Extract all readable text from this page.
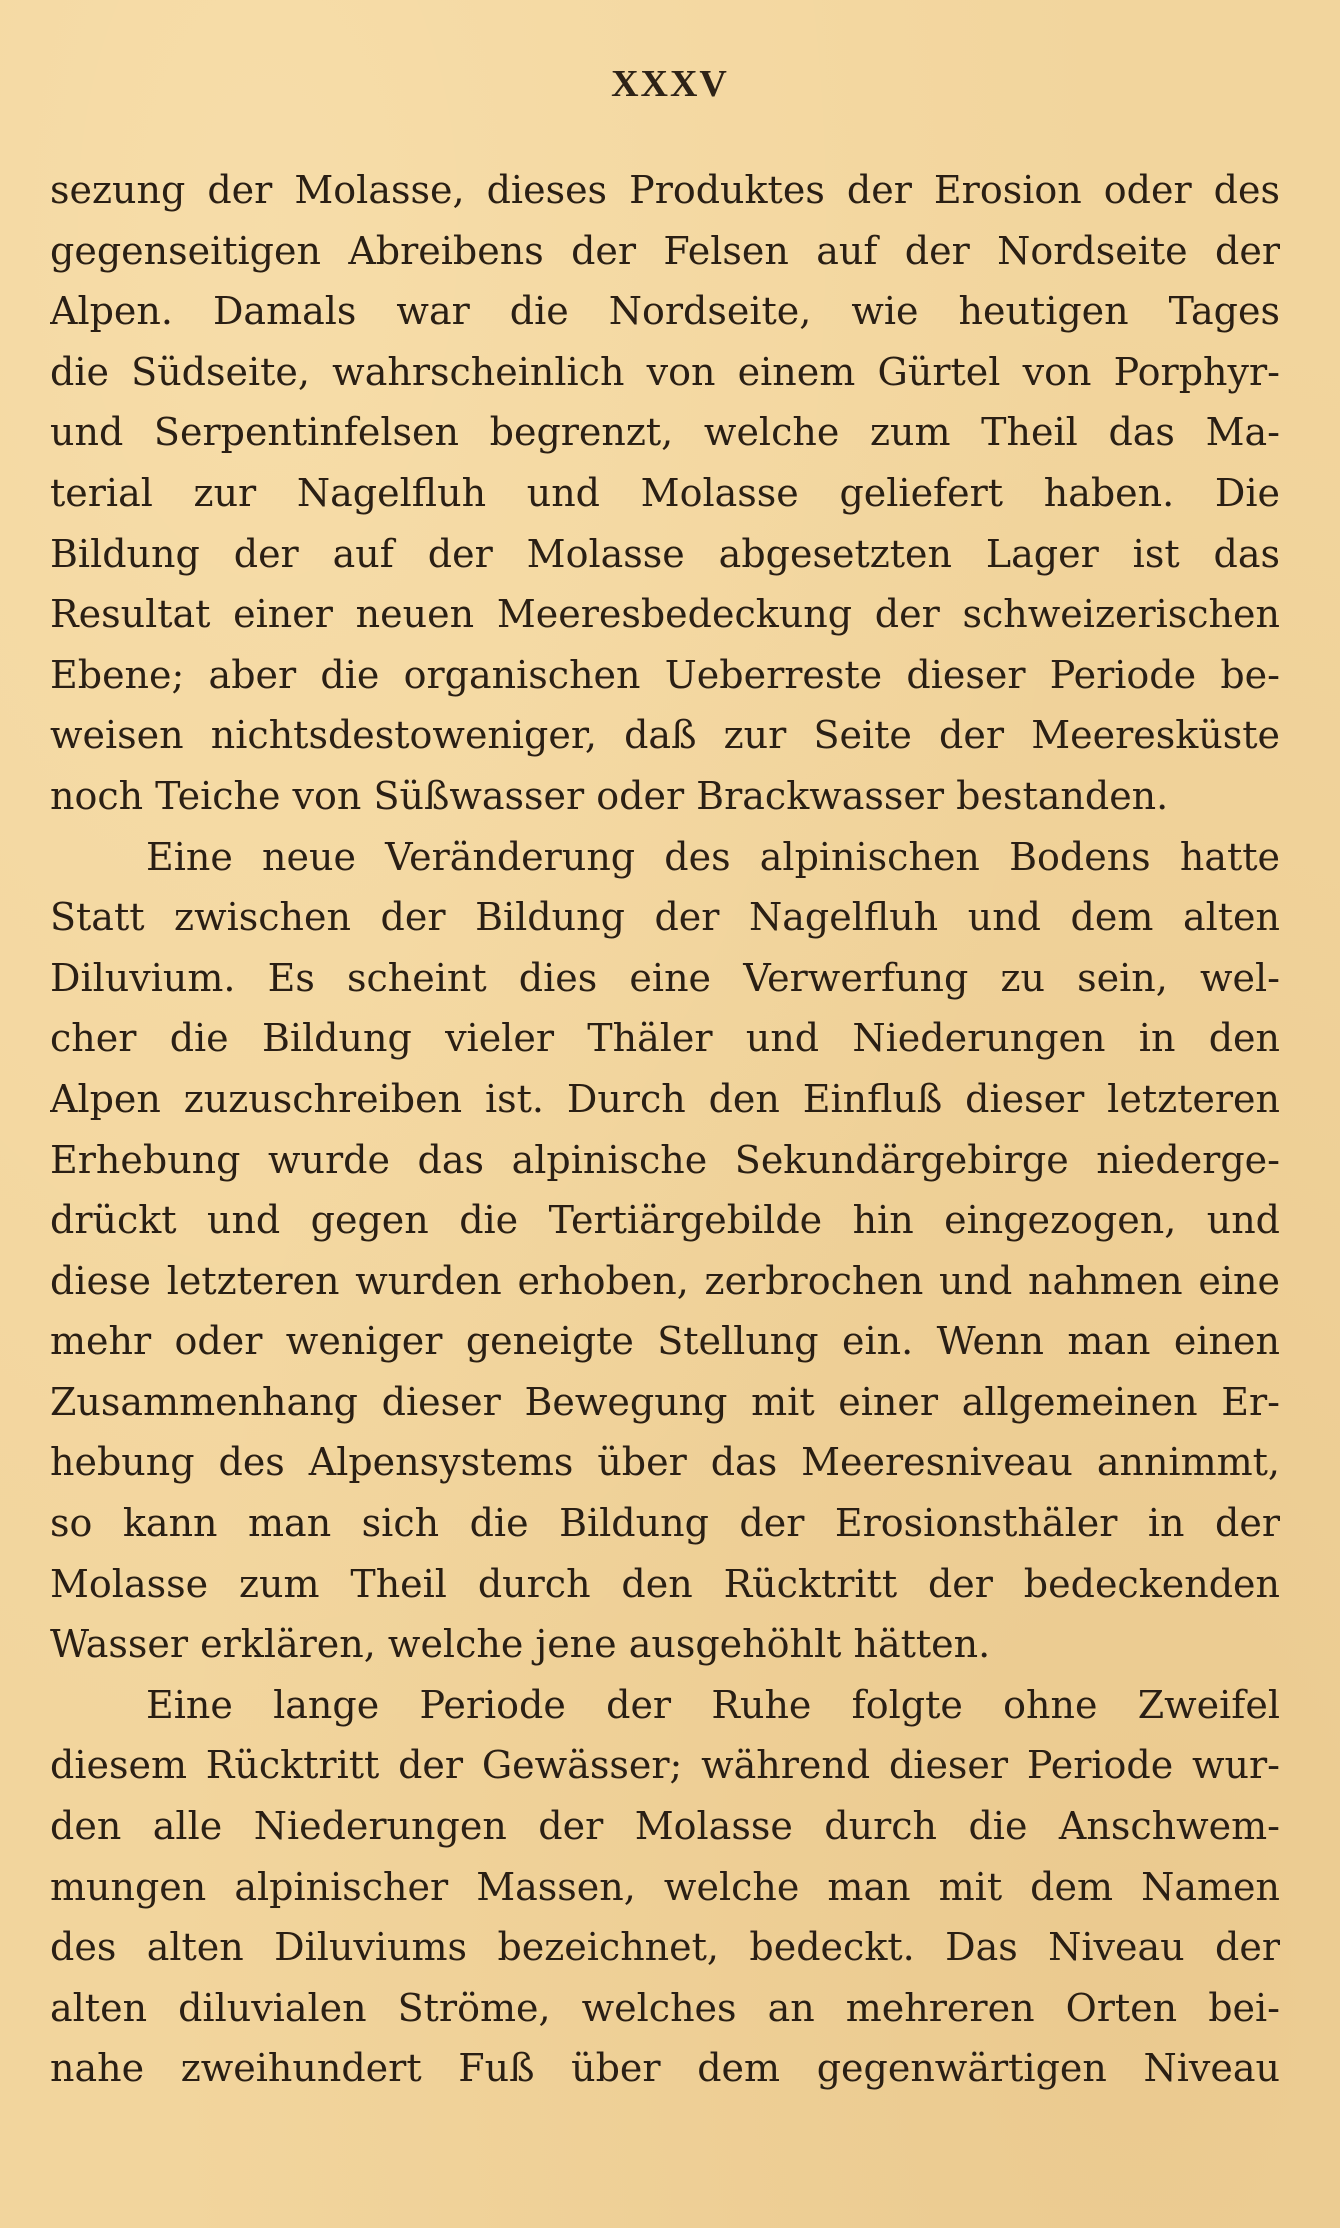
XXXV
sezung der Molasse, dieses Produktes der Erosion oder des
gegenseitigen Abreibens der Felsen auf der Nordseite der
Alpen. Damals war die Nordseite, wie heutigen Tages
die Südseite, wahrscheinlich von einem Gürtel von Porphyr-
und Serpentinfelsen begrenzt, welche zum Theil das Ma-
terial zur Nagelfluh und Molasse geliefert haben. Die
Bildung der auf der Molasse abgesetzten Lager ist das
Resultat einer neuen Meeresbedeckung der schweizerischen
Ebene; aber die organischen Ueberreste dieser Periode be-
weisen nichtsdestoweniger, daß zur Seite der Meeresküste
noch Teiche von Süßwasser oder Brackwasser bestanden.
Eine neue Veränderung des alpinischen Bodens hatte
Statt zwischen der Bildung der Nagelfluh und dem alten
Diluvium. Es scheint dies eine Verwerfung zu sein, wel-
cher die Bildung vieler Thäler und Niederungen in den
Alpen zuzuschreiben ist. Durch den Einfluß dieser letzteren
Erhebung wurde das alpinische Sekundärgebirge niederge-
drückt und gegen die Tertiärgebilde hin eingezogen, und
diese letzteren wurden erhoben, zerbrochen und nahmen eine
mehr oder weniger geneigte Stellung ein. Wenn man einen
Zusammenhang dieser Bewegung mit einer allgemeinen Er-
hebung des Alpensystems über das Meeresniveau annimmt,
so kann man sich die Bildung der Erosionsthäler in der
Molasse zum Theil durch den Rücktritt der bedeckenden
Wasser erklären, welche jene ausgehöhlt hätten.
Eine lange Periode der Ruhe folgte ohne Zweifel
diesem Rücktritt der Gewässer; während dieser Periode wur-
den alle Niederungen der Molasse durch die Anschwem-
mungen alpinischer Massen, welche man mit dem Namen
des alten Diluviums bezeichnet, bedeckt. Das Niveau der
alten diluvialen Ströme, welches an mehreren Orten bei-
nahe zweihundert Fuß über dem gegenwärtigen Niveau
